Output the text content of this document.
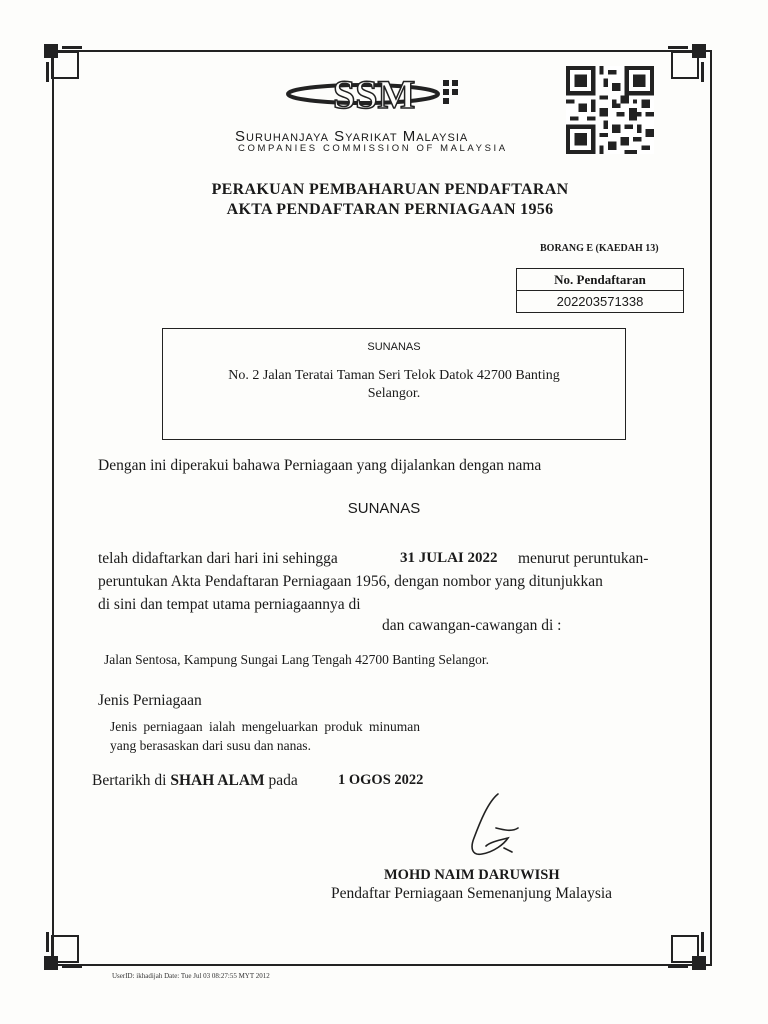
SSM
Suruhanjaya Syarikat Malaysia
COMPANIES COMMISSION OF MALAYSIA
PERAKUAN PEMBAHARUAN PENDAFTARAN
AKTA PENDAFTARAN PERNIAGAAN 1956
BORANG E (KAEDAH 13)
No. Pendaftaran
202203571338
SUNANAS
No. 2 Jalan Teratai Taman Seri Telok Datok 42700 Banting Selangor.
Dengan ini diperakui bahawa Perniagaan yang dijalankan dengan nama
SUNANAS
telah didaftarkan dari hari ini sehingga	31 JULAI 2022 menurut peruntukan-
peruntukan Akta Pendaftaran Perniagaan 1956, dengan nombor yang ditunjukkan
di sini dan tempat utama perniagaannya di
dan cawangan-cawangan di :
Jalan Sentosa, Kampung Sungai Lang Tengah 42700 Banting Selangor.
Jenis Perniagaan
Jenis perniagaan ialah mengeluarkan produk minuman
yang berasaskan dari susu dan nanas.
Bertarikh di SHAH ALAM pada	1 OGOS 2022
MOHD NAIM DARUWISH
Pendaftar Perniagaan Semenanjung Malaysia
UserID: ikhadijah Date: Tue Jul 03 08:27:55 MYT 2012
